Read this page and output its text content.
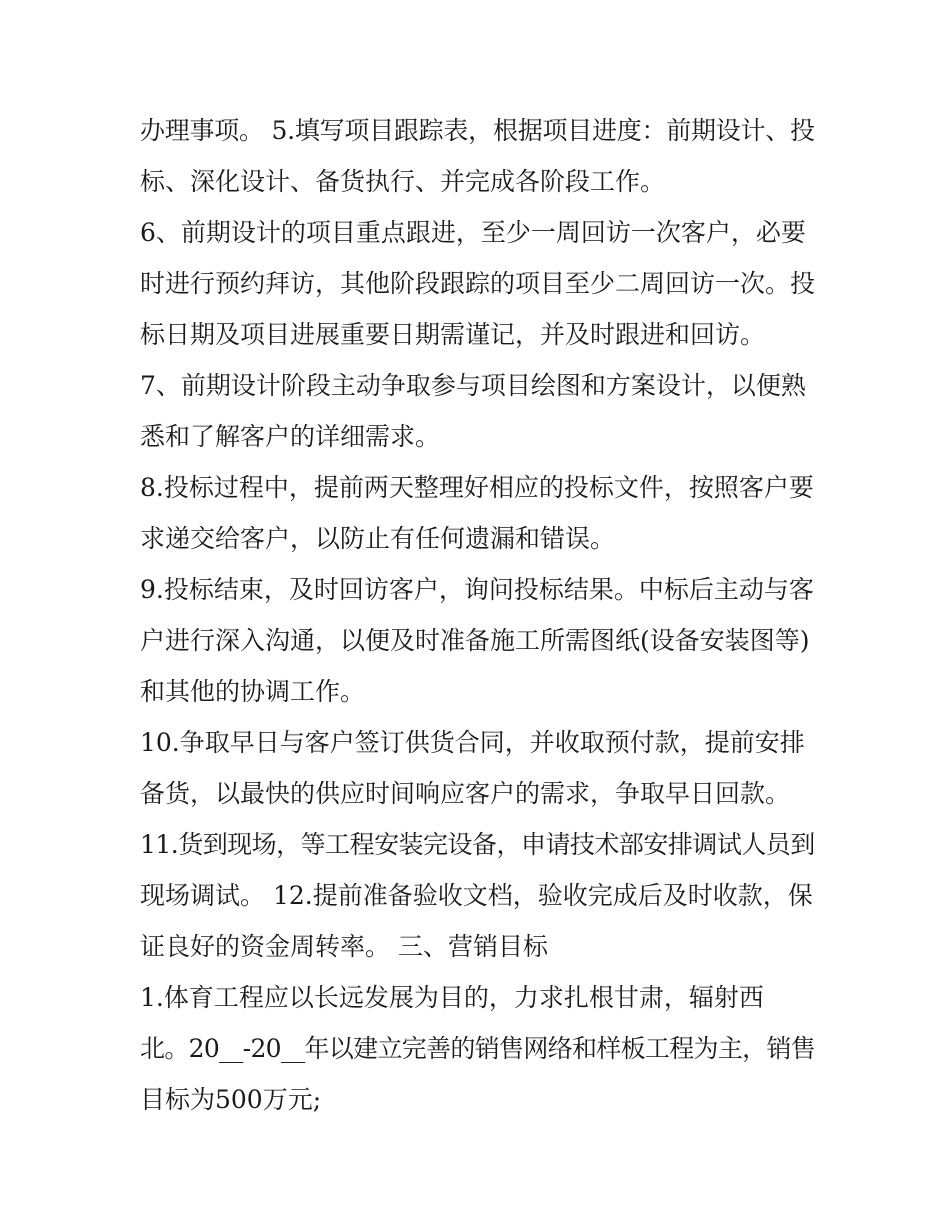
办理事项。 5.填写项目跟踪表，根据项目进度：前期设计、投
标、深化设计、备货执行、并完成各阶段工作。
6、前期设计的项目重点跟进，至少一周回访一次客户，必要
时进行预约拜访，其他阶段跟踪的项目至少二周回访一次。投
标日期及项目进展重要日期需谨记，并及时跟进和回访。
7、前期设计阶段主动争取参与项目绘图和方案设计，以便熟
悉和了解客户的详细需求。
8.投标过程中，提前两天整理好相应的投标文件，按照客户要
求递交给客户，以防止有任何遗漏和错误。
9.投标结束，及时回访客户，询问投标结果。中标后主动与客
户进行深入沟通，以便及时准备施工所需图纸(设备安装图等)
和其他的协调工作。
10.争取早日与客户签订供货合同，并收取预付款，提前安排
备货，以最快的供应时间响应客户的需求，争取早日回款。
11.货到现场，等工程安装完设备，申请技术部安排调试人员到
现场调试。 12.提前准备验收文档，验收完成后及时收款，保
证良好的资金周转率。 三、营销目标
1.体育工程应以长远发展为目的，力求扎根甘肃，辐射西
北。20__-20__年以建立完善的销售网络和样板工程为主，销售
目标为500万元;
